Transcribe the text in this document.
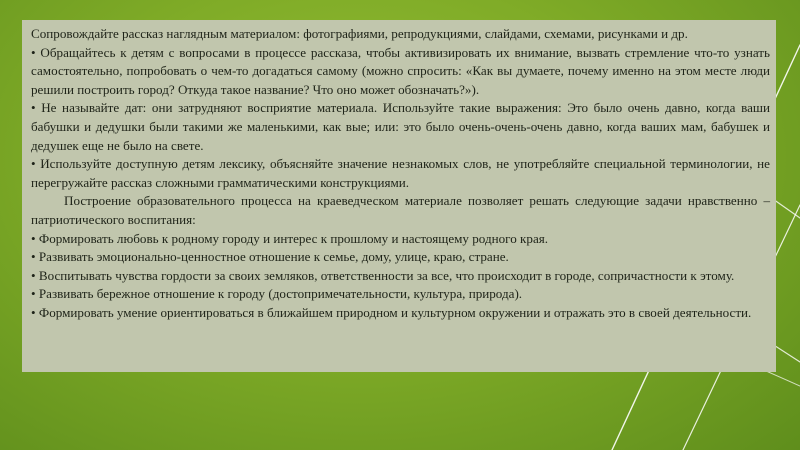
Сопровождайте рассказ наглядным материалом: фотографиями, репродукциями, слайдами, схемами, рисунками и др.

• Обращайтесь к детям с вопросами в процессе рассказа, чтобы активизировать их внимание, вызвать стремление что-то узнать самостоятельно, попробовать о чем-то догадаться самому (можно спросить: «Как вы думаете, почему именно на этом месте люди решили построить город? Откуда такое название? Что оно может обозначать?»).

• Не называйте дат: они затрудняют восприятие материала. Используйте такие выражения: Это было очень давно, когда ваши бабушки и дедушки были такими же маленькими, как вые; или: это было очень-очень-очень давно, когда ваших мам, бабушек и дедушек еще не было на свете.

• Используйте доступную детям лексику, объясняйте значение незнакомых слов, не употребляйте специальной терминологии, не перегружайте рассказ сложными грамматическими конструкциями.

Построение образовательного процесса на краеведческом материале позволяет решать следующие задачи нравственно – патриотического воспитания:

• Формировать любовь к родному городу и интерес к прошлому и настоящему родного края.

• Развивать эмоционально-ценностное отношение к семье, дому, улице, краю, стране.

• Воспитывать чувства гордости за своих земляков, ответственности за все, что происходит в городе, сопричастности к этому.

• Развивать бережное отношение к городу (достопримечательности, культура, природа).

• Формировать умение ориентироваться в ближайшем природном и культурном окружении и отражать это в своей деятельности.
